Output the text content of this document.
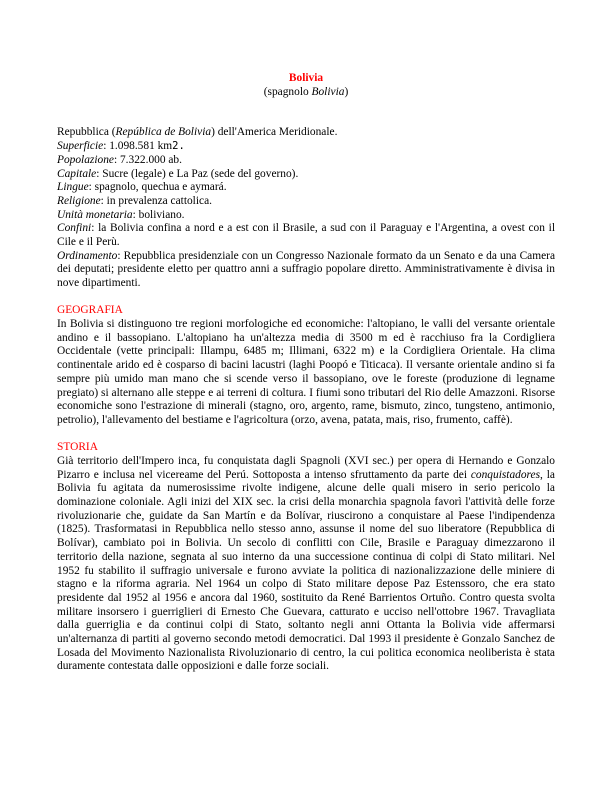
Bolivia
(spagnolo Bolivia)
Repubblica (República de Bolivia) dell'America Meridionale.
Superficie: 1.098.581 km2.
Popolazione: 7.322.000 ab.
Capitale: Sucre (legale) e La Paz (sede del governo).
Lingue: spagnolo, quechua e aymará.
Religione: in prevalenza cattolica.
Unità monetaria: boliviano.
Confini: la Bolivia confina a nord e a est con il Brasile, a sud con il Paraguay e l'Argentina, a ovest con il Cile e il Perù.
Ordinamento: Repubblica presidenziale con un Congresso Nazionale formato da un Senato e da una Camera dei deputati; presidente eletto per quattro anni a suffragio popolare diretto. Amministrativamente è divisa in nove dipartimenti.
GEOGRAFIA
In Bolivia si distinguono tre regioni morfologiche ed economiche: l'altopiano, le valli del versante orientale andino e il bassopiano. L'altopiano ha un'altezza media di 3500 m ed è racchiuso fra la Cordigliera Occidentale (vette principali: Illampu, 6485 m; Illimani, 6322 m) e la Cordigliera Orientale. Ha clima continentale arido ed è cosparso di bacini lacustri (laghi Poopó e Titicaca). Il versante orientale andino si fa sempre più umido man mano che si scende verso il bassopiano, ove le foreste (produzione di legname pregiato) si alternano alle steppe e ai terreni di coltura. I fiumi sono tributari del Rio delle Amazzoni. Risorse economiche sono l'estrazione di minerali (stagno, oro, argento, rame, bismuto, zinco, tungsteno, antimonio, petrolio), l'allevamento del bestiame e l'agricoltura (orzo, avena, patata, mais, riso, frumento, caffè).
STORIA
Già territorio dell'Impero inca, fu conquistata dagli Spagnoli (XVI sec.) per opera di Hernando e Gonzalo Pizarro e inclusa nel vicereame del Perú. Sottoposta a intenso sfruttamento da parte dei conquistadores, la Bolivia fu agitata da numerosissime rivolte indigene, alcune delle quali misero in serio pericolo la dominazione coloniale. Agli inizi del XIX sec. la crisi della monarchia spagnola favorì l'attività delle forze rivoluzionarie che, guidate da San Martín e da Bolívar, riuscirono a conquistare al Paese l'indipendenza (1825). Trasformatasi in Repubblica nello stesso anno, assunse il nome del suo liberatore (Repubblica di Bolívar), cambiato poi in Bolivia. Un secolo di conflitti con Cile, Brasile e Paraguay dimezzarono il territorio della nazione, segnata al suo interno da una successione continua di colpi di Stato militari. Nel 1952 fu stabilito il suffragio universale e furono avviate la politica di nazionalizzazione delle miniere di stagno e la riforma agraria. Nel 1964 un colpo di Stato militare depose Paz Estenssoro, che era stato presidente dal 1952 al 1956 e ancora dal 1960, sostituito da René Barrientos Ortuño. Contro questa svolta militare insorsero i guerriglieri di Ernesto Che Guevara, catturato e ucciso nell'ottobre 1967. Travagliata dalla guerriglia e da continui colpi di Stato, soltanto negli anni Ottanta la Bolivia vide affermarsi un'alternanza di partiti al governo secondo metodi democratici. Dal 1993 il presidente è Gonzalo Sanchez de Losada del Movimento Nazionalista Rivoluzionario di centro, la cui politica economica neoliberista è stata duramente contestata dalle opposizioni e dalle forze sociali.
